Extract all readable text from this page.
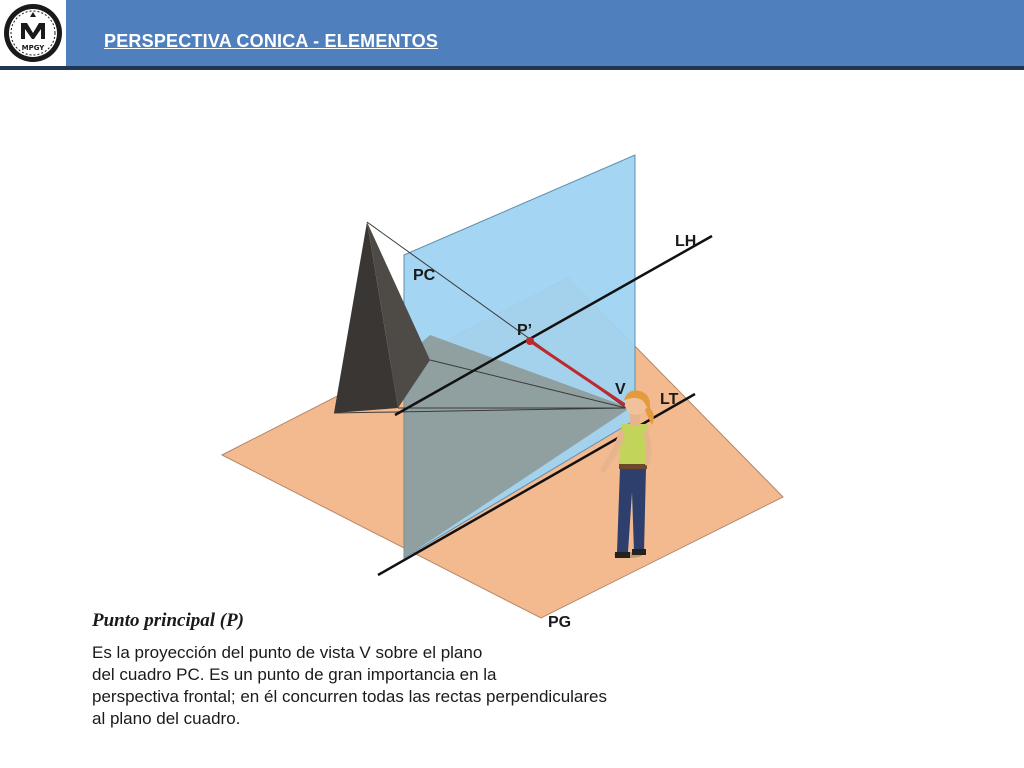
MPGY	PERSPECTIVA CONICA - ELEMENTOS
PC
LH
P’
V
LT
PG
Punto principal (P)
Es la proyección del punto de vista V sobre el plano
del cuadro PC. Es un punto de gran importancia en la
perspectiva frontal; en él concurren todas las rectas perpendiculares
al plano del cuadro.
